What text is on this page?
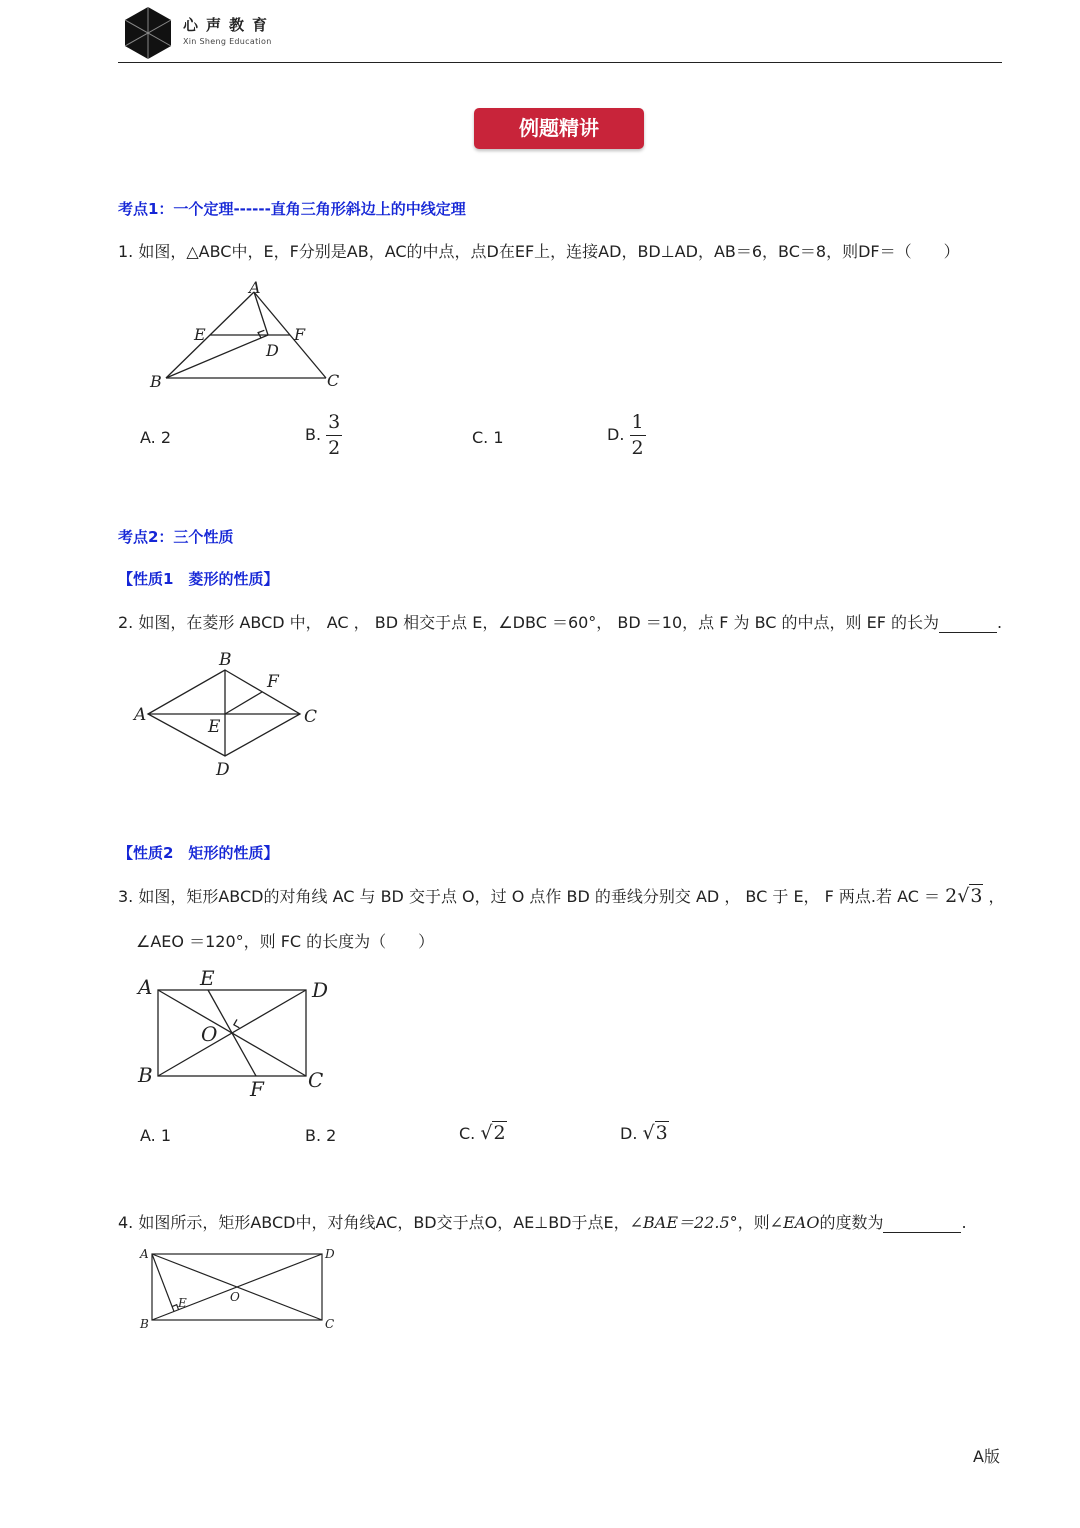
心声教育
Xin Sheng Education
例题精讲
考点1：一个定理------直角三角形斜边上的中线定理
1. 如图，△ABC中，E，F分别是AB，AC的中点，点D在EF上，连接AD，BD⊥AD，AB＝6，BC＝8，则DF＝（　　）
A
E	F
D
B	C
A. 2	B. $\frac{3}{2}$	C. 1	D. $\frac{1}{2}$
考点2：三个性质
【性质1　菱形的性质】
2. 如图，在菱形 ABCD 中， AC ， BD 相交于点 E，∠DBC ＝60°， BD ＝10，点 F 为 BC 的中点，则 EF 的长为	.
B
F
A	C
E
D
【性质2　矩形的性质】
3. 如图，矩形ABCD的对角线 AC 与 BD 交于点 O，过 O 点作 BD 的垂线分别交 AD ， BC 于 E， F 两点.若 AC ＝ 2√3 ，
∠AEO ＝120°，则 FC 的长度为（　　）
A E	D
O
B	C
F
A. 1	B. 2	C. √2	D. √3
4. 如图所示，矩形ABCD中，对角线AC，BD交于点O，AE⊥BD于点E，∠BAE＝22.5°，则∠EAO的度数为	.
A	D
O
E
B	C
A版
